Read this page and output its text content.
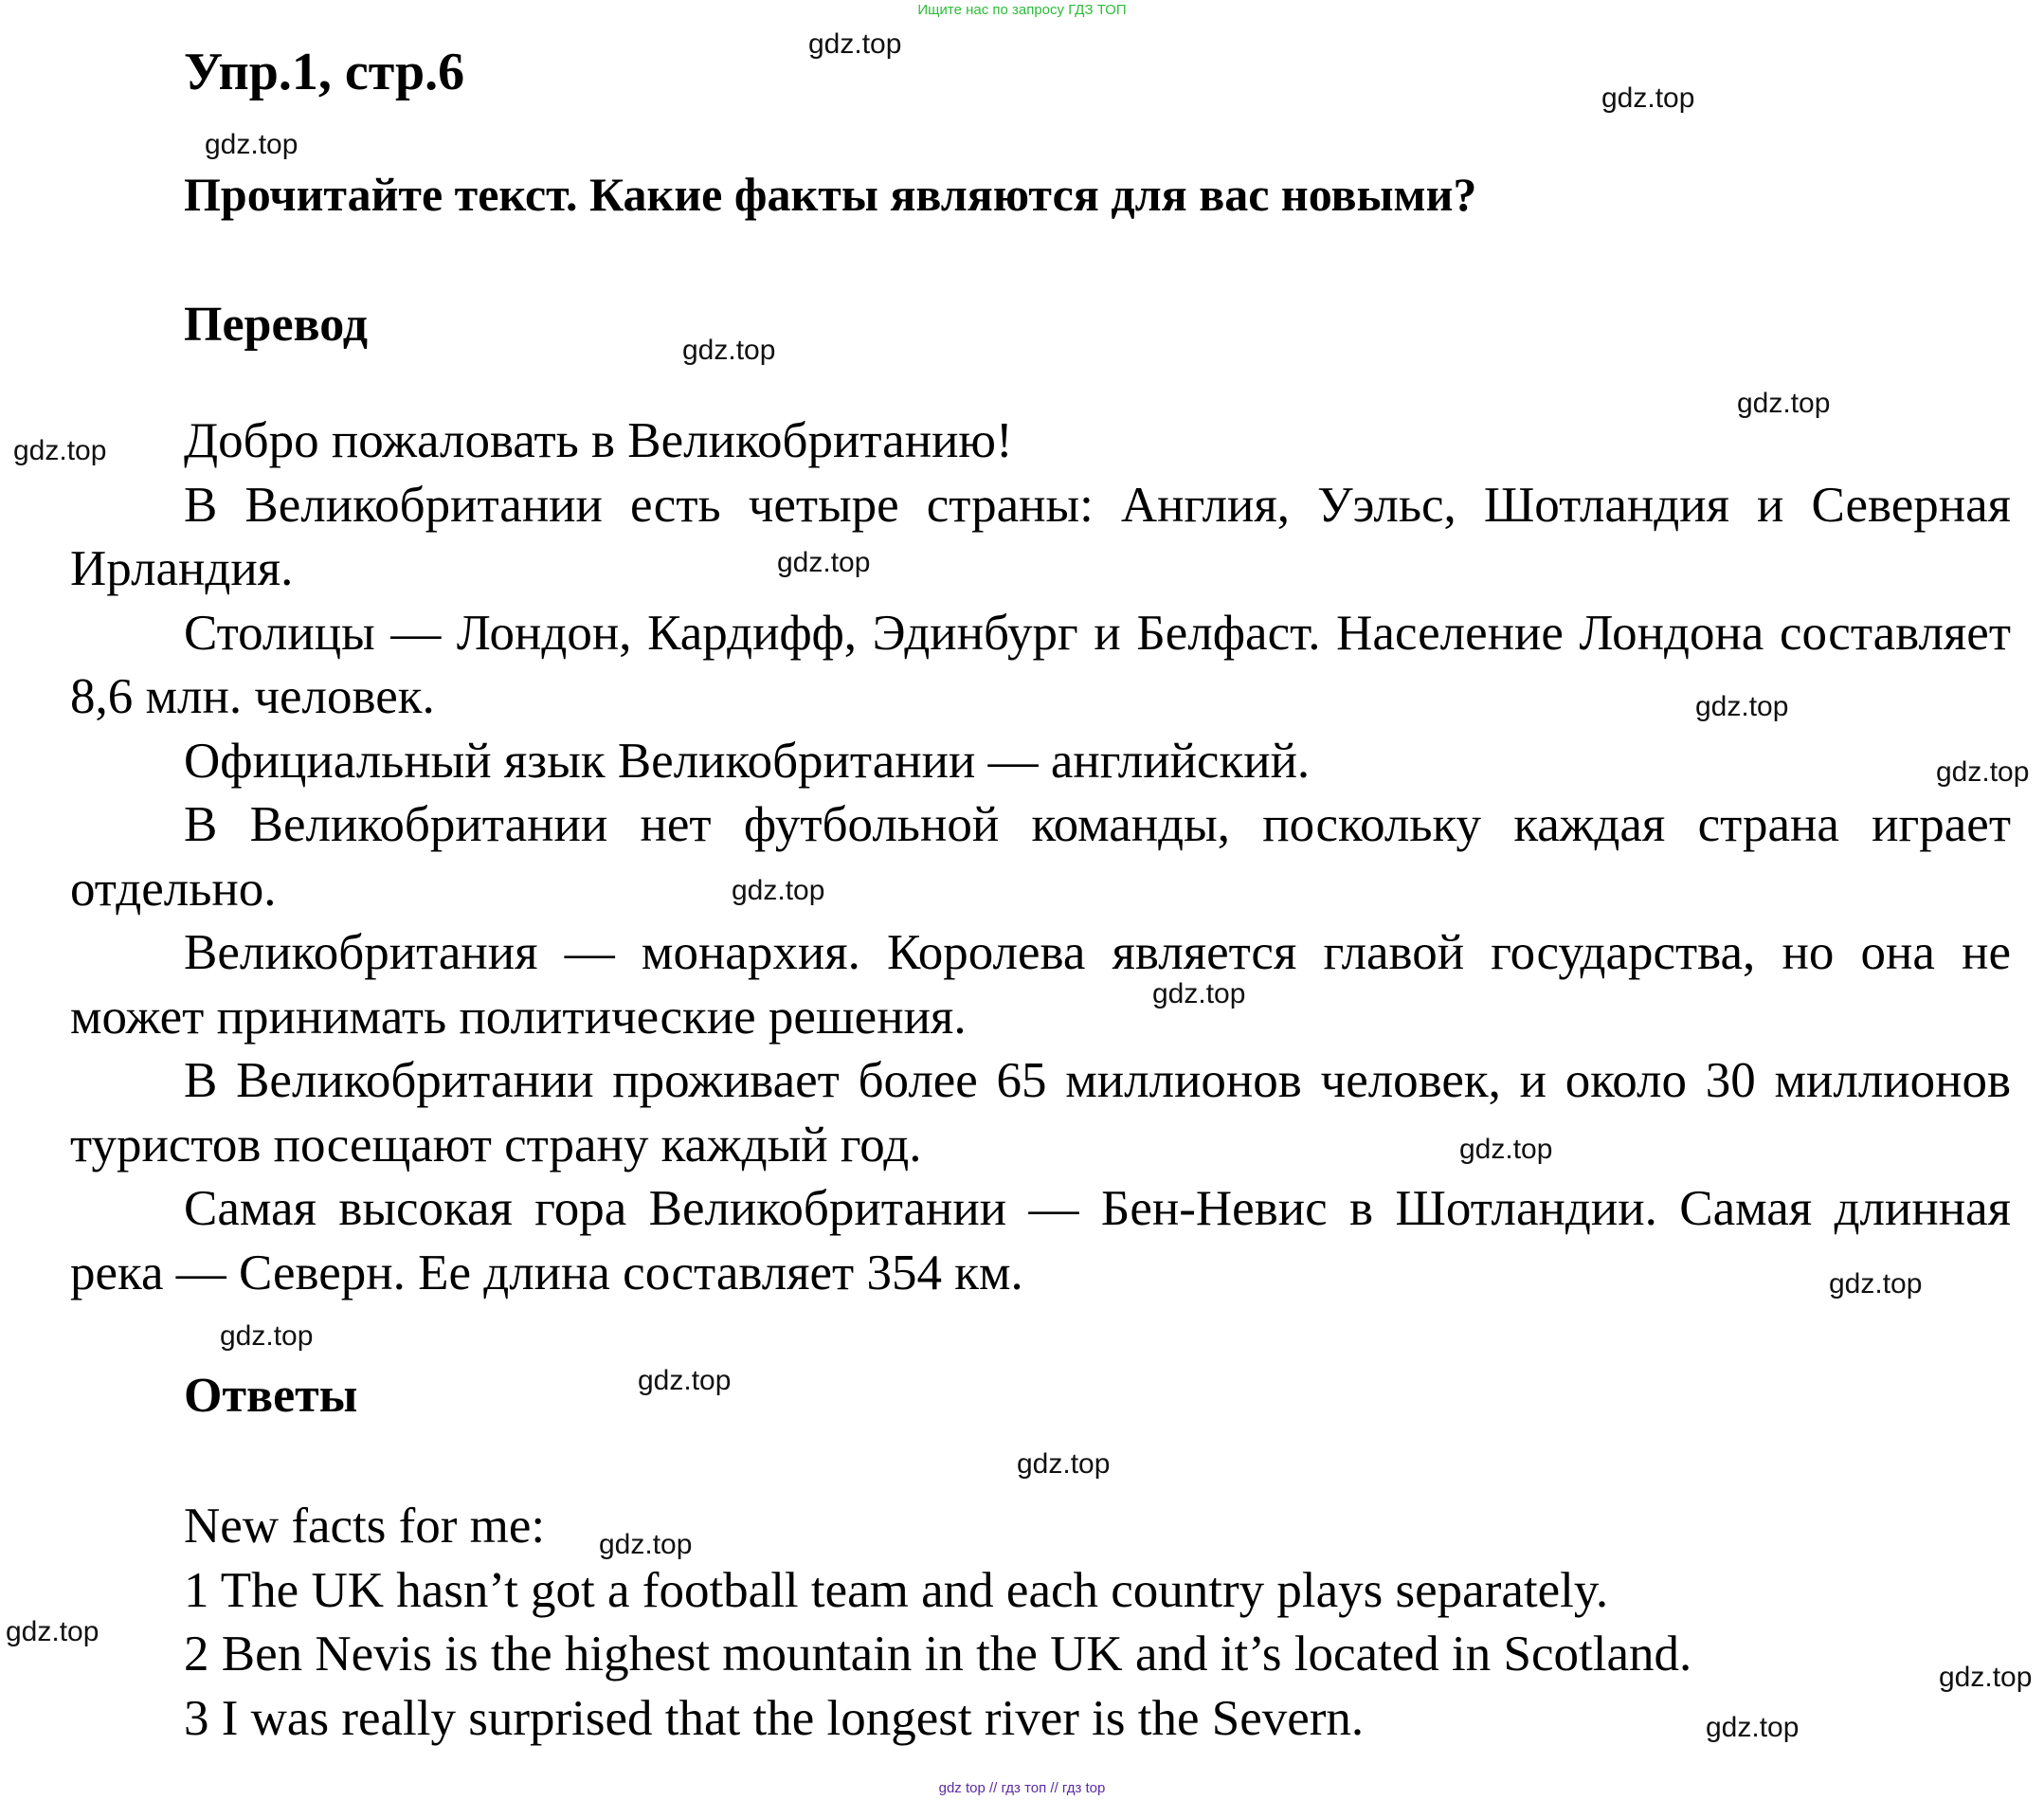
Ищите нас по запросу ГДЗ ТОП
Упр.1, стр.6
Прочитайте текст. Какие факты являются для вас новыми?
Перевод

Добро пожаловать в Великобританию!

В Великобритании есть четыре страны: Англия, Уэльс, Шотландия и Северная Ирландия.

Столицы — Лондон, Кардифф, Эдинбург и Белфаст. Население Лондона составляет 8,6 млн. человек.

Официальный язык Великобритании — английский.

В Великобритании нет футбольной команды, поскольку каждая страна играет отдельно.

Великобритания — монархия. Королева является главой государства, но она не может принимать политические решения.

В Великобритании проживает более 65 миллионов человек, и около 30 миллионов туристов посещают страну каждый год.

Самая высокая гора Великобритании — Бен-Невис в Шотландии. Самая длинная река — Северн. Ее длина составляет 354 км.

Ответы

New facts for me:

1 The UK hasn’t got a football team and each country plays separately.

2 Ben Nevis is the highest mountain in the UK and it’s located in Scotland.

3 I was really surprised that the longest river is the Severn.

gdz.top
gdz.top
gdz.top
gdz.top
gdz.top
gdz.top
gdz.top
gdz.top
gdz.top
gdz.top
gdz.top
gdz.top
gdz.top
gdz.top
gdz.top
gdz.top
gdz.top
gdz.top
gdz.top
gdz.top
gdz top // гдз топ // гдз top
